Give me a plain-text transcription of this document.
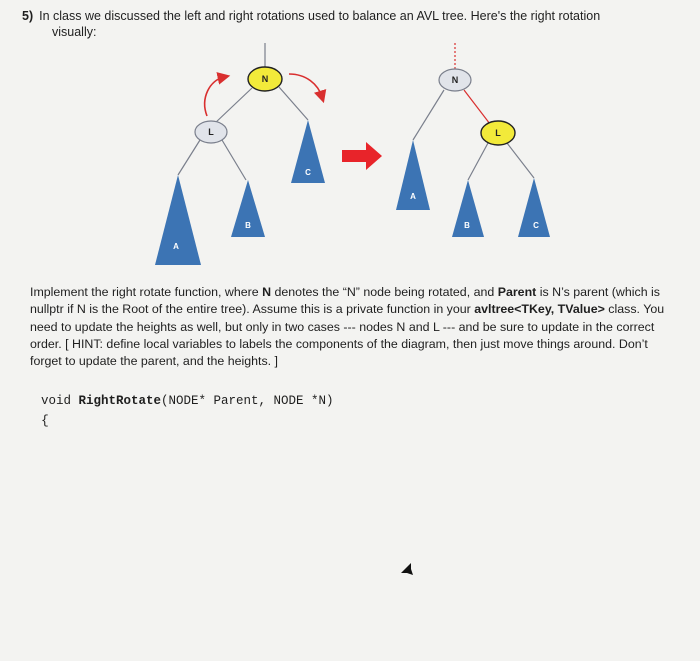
5) In class we discussed the left and right rotations used to balance an AVL tree. Here's the right rotation
visually:
A
B
C
N
L
A
B	C
N
L
Implement the right rotate function, where N denotes the “N” node being rotated, and Parent is N’s parent (which is nullptr if N is the Root of the entire tree). Assume this is a private function in your avltree<TKey, TValue> class. You need to update the heights as well, but only in two cases --- nodes N and L --- and be sure to update in the correct order. [ HINT: define local variables to labels the components of the diagram, then just move things around. Don’t forget to update the parent, and the heights. ]
void RightRotate(NODE* Parent, NODE *N)
{
